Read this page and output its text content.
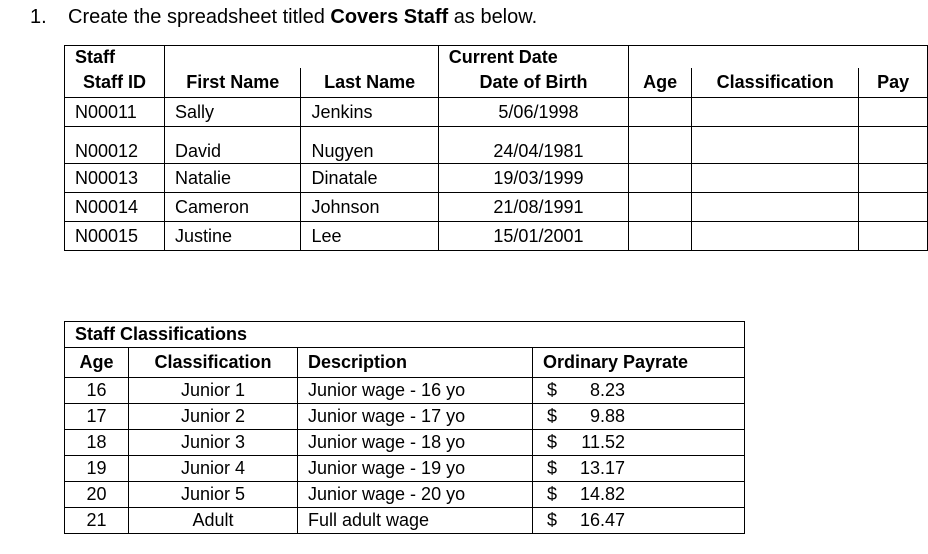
1. Create the spreadsheet titled Covers Staff as below.
Staff			Current Date			
Staff ID	First Name	Last Name	Date of Birth	Age	Classification	Pay
N00011	Sally	Jenkins	5/06/1998			
N00012	David	Nugyen	24/04/1981			
N00013	Natalie	Dinatale	19/03/1999			
N00014	Cameron	Johnson	21/08/1991			
N00015	Justine	Lee	15/01/2001			
Staff Classifications			
Age	Classification	Description	Ordinary Payrate
16	Junior 1	Junior wage - 16 yo	$ 8.23
17	Junior 2	Junior wage - 17 yo	$ 9.88
18	Junior 3	Junior wage - 18 yo	$ 11.52
19	Junior 4	Junior wage - 19 yo	$ 13.17
20	Junior 5	Junior wage - 20 yo	$ 14.82
21	Adult	Full adult wage	$ 16.47
